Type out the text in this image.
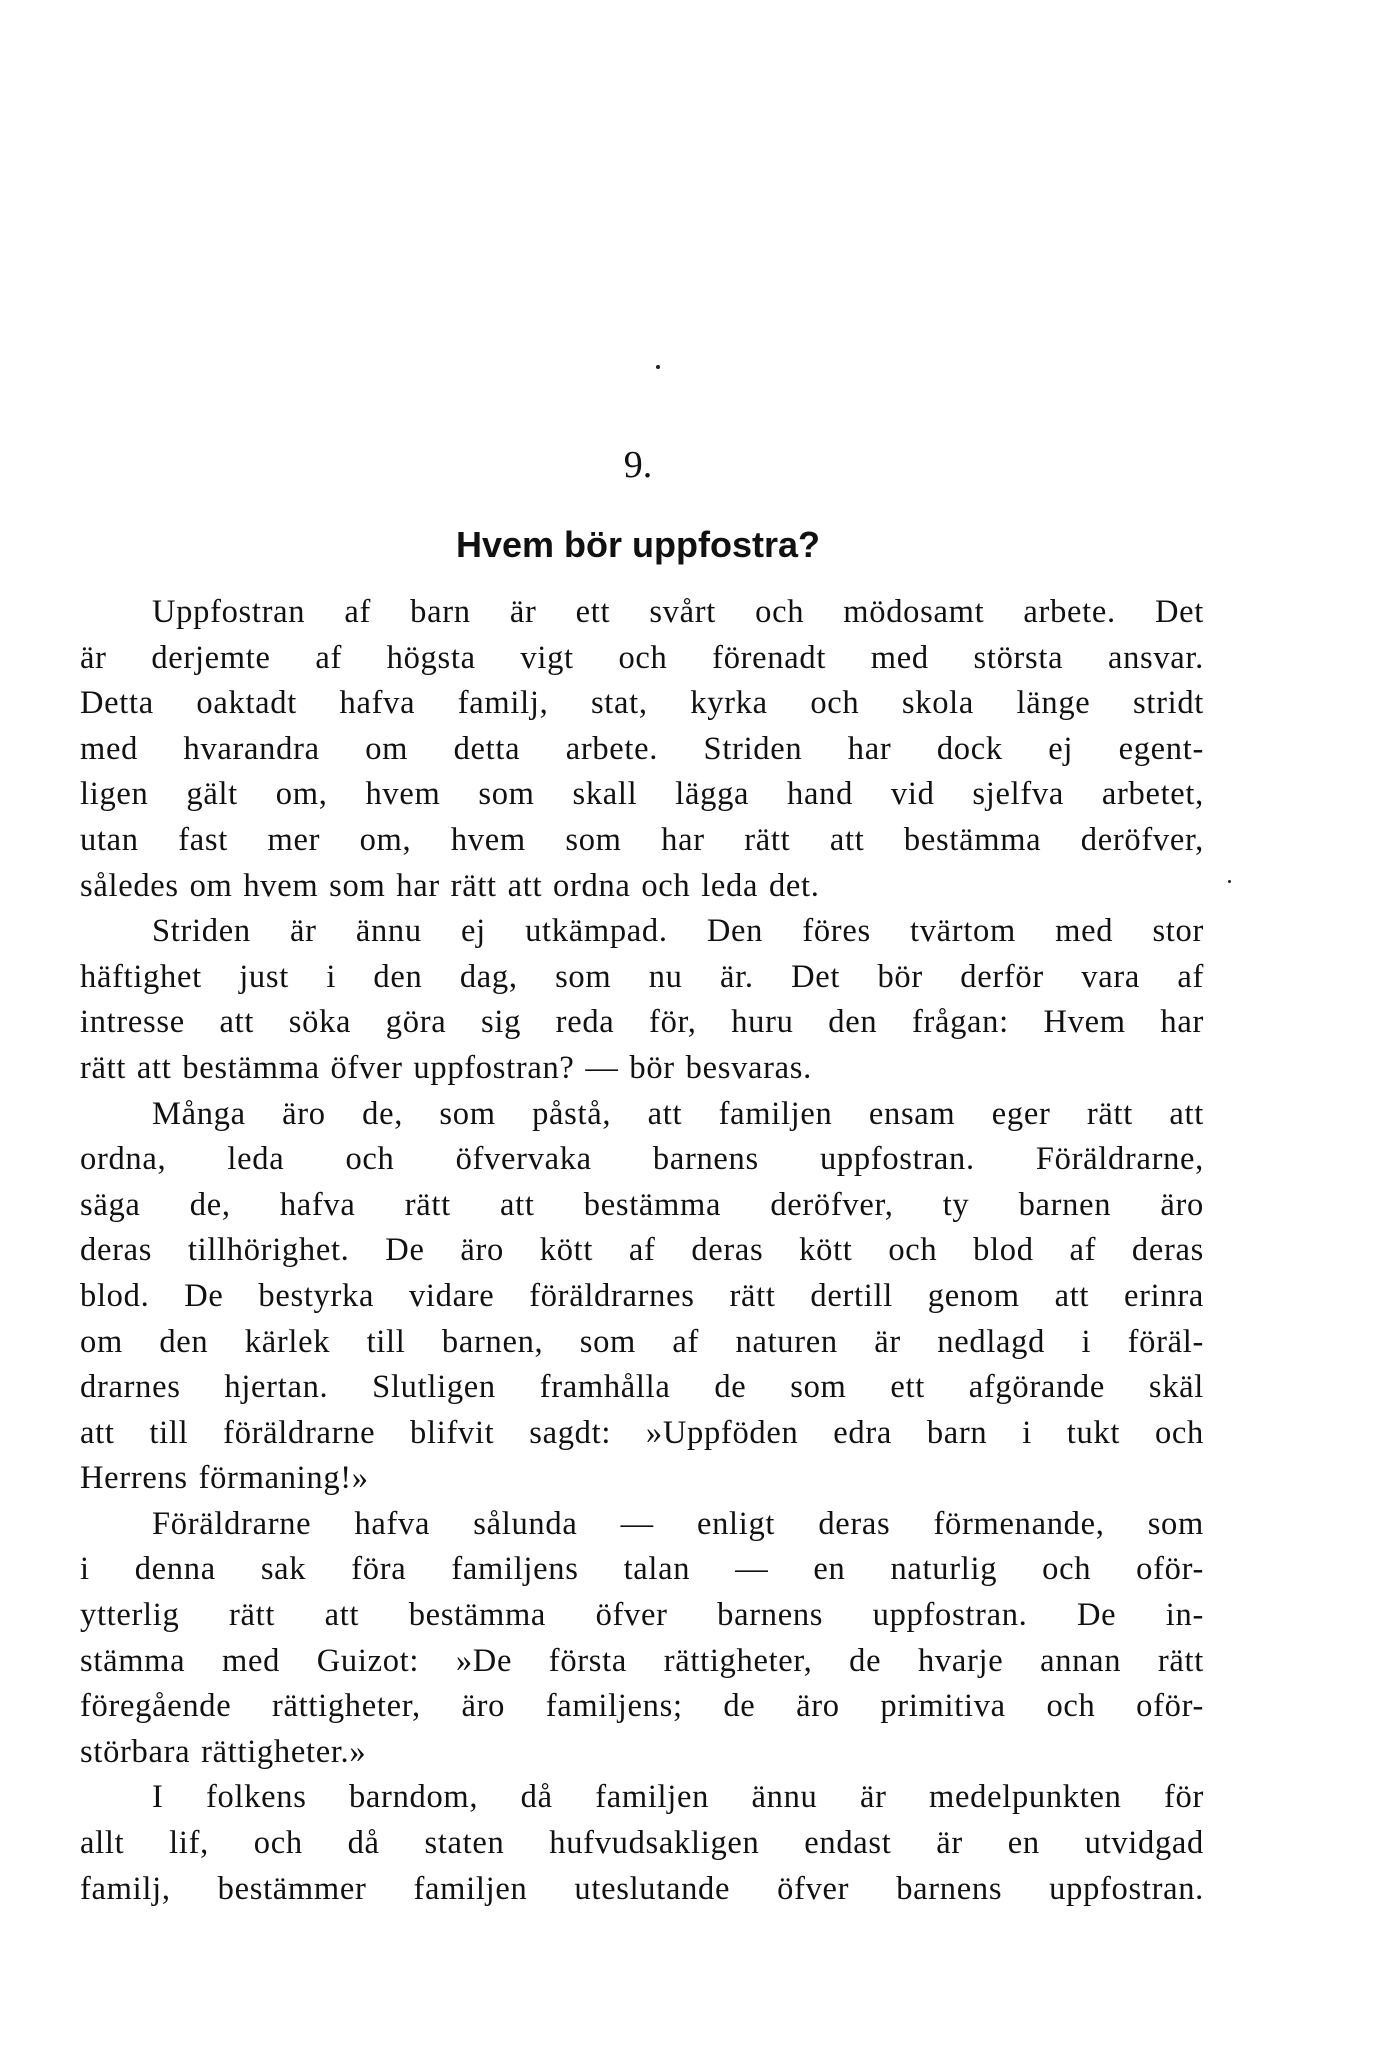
9.
Hvem bör uppfostra?

Uppfostran af barn är ett svårt och mödosamt arbete. Det
är derjemte af högsta vigt och förenadt med största ansvar.
Detta oaktadt hafva familj, stat, kyrka och skola länge stridt
med hvarandra om detta arbete. Striden har dock ej egent-
ligen gält om, hvem som skall lägga hand vid sjelfva arbetet,
utan fast mer om, hvem som har rätt att bestämma deröfver,
således om hvem som har rätt att ordna och leda det.

Striden är ännu ej utkämpad. Den föres tvärtom med stor
häftighet just i den dag, som nu är. Det bör derför vara af
intresse att söka göra sig reda för, huru den frågan: Hvem har
rätt att bestämma öfver uppfostran? — bör besvaras.

Många äro de, som påstå, att familjen ensam eger rätt att
ordna, leda och öfvervaka barnens uppfostran. Föräldrarne,
säga de, hafva rätt att bestämma deröfver, ty barnen äro
deras tillhörighet. De äro kött af deras kött och blod af deras
blod. De bestyrka vidare föräldrarnes rätt dertill genom att erinra
om den kärlek till barnen, som af naturen är nedlagd i föräl-
drarnes hjertan. Slutligen framhålla de som ett afgörande skäl
att till föräldrarne blifvit sagdt: »Uppföden edra barn i tukt och
Herrens förmaning!»

Föräldrarne hafva sålunda — enligt deras förmenande, som
i denna sak föra familjens talan — en naturlig och oför-
ytterlig rätt att bestämma öfver barnens uppfostran. De in-
stämma med Guizot: »De första rättigheter, de hvarje annan rätt
föregående rättigheter, äro familjens; de äro primitiva och oför-
störbara rättigheter.»

I folkens barndom, då familjen ännu är medelpunkten för
allt lif, och då staten hufvudsakligen endast är en utvidgad
familj, bestämmer familjen uteslutande öfver barnens uppfostran.
